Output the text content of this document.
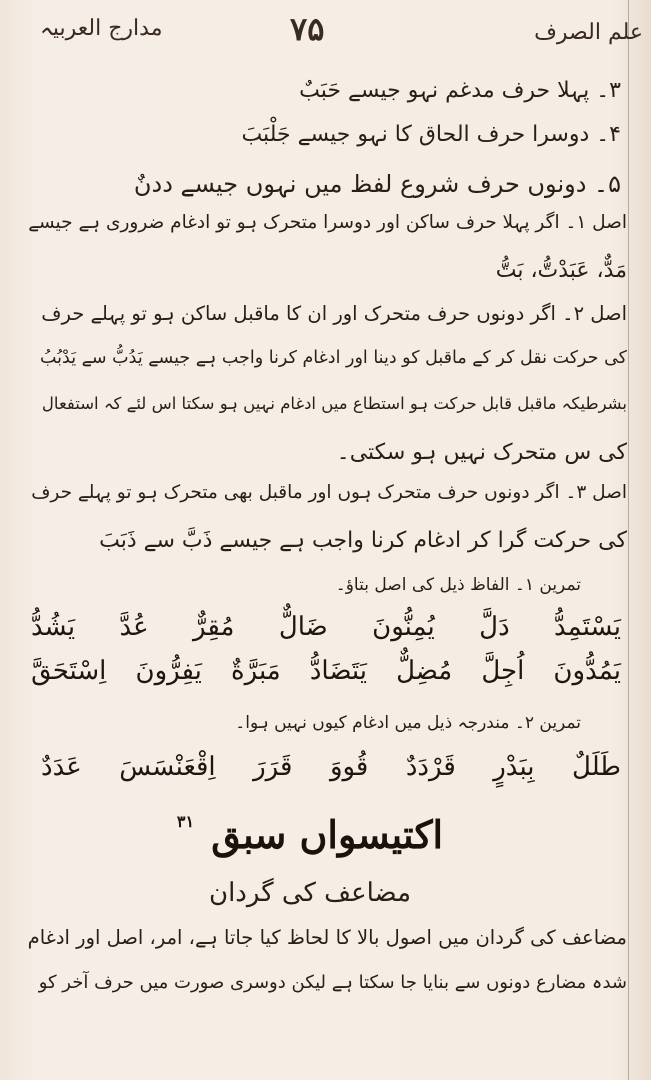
مدارج العربیہ	۷۵	علم الصرف
۳۔ پہلا حرف مدغم نہو جیسے حَبَبٌ
۴۔ دوسرا حرف الحاق کا نہو جیسے جَلْبَبَ
۵۔ دونوں حرف شروع لفظ میں نہوں جیسے ددنٌ
اصل ۱۔ اگر پہلا حرف ساکن اور دوسرا متحرک ہو تو ادغام ضروری ہے جیسے
مَدٌّ، عَبَدْتُّ، بَتُّ
اصل ۲۔ اگر دونوں حرف متحرک اور ان کا ماقبل ساکن ہو تو پہلے حرف
کی حرکت نقل کر کے ماقبل کو دینا اور ادغام کرنا واجب ہے جیسے یَدُبُّ سے یَدْبُبُ
بشرطیکہ ماقبل قابل حرکت ہو استطاع میں ادغام نہیں ہو سکتا اس لئے کہ استفعال
کی س متحرک نہیں ہو سکتی۔
اصل ۳۔ اگر دونوں حرف متحرک ہوں اور ماقبل بھی متحرک ہو تو پہلے حرف
کی حرکت گرا کر ادغام کرنا واجب ہے جیسے ذَبَّ سے ذَبَبَ
تمرین ۱۔ الفاظ ذیل کی اصل بتاؤ۔
یَسْتَمِدُّ
دَلَّ
یُمِنُّونَ
ضَالٌّ
مُقِرٌّ
عُدَّ
یَشُدُّ
یَمُدُّونَ
اُجِلَّ
مُضِلٌّ
یَتَضَادُّ
مَبَرَّةٌ
یَفِرُّونَ
اِسْتَحَقَّ
تمرین ۲۔ مندرجہ ذیل میں ادغام کیوں نہیں ہوا۔
طَلَلٌ
بِبَدْرٍ
قَرْدَدٌ
قُووَ
قَرَرَ
اِقْعَنْسَسَ
عَدَدٌ
اکتیسواں سبق $^{۳۱}$
مضاعف کی گردان
مضاعف کی گردان میں اصول بالا کا لحاظ کیا جاتا ہے، امر، اصل اور ادغام
شدہ مضارع دونوں سے بنایا جا سکتا ہے لیکن دوسری صورت میں حرف آخر کو
